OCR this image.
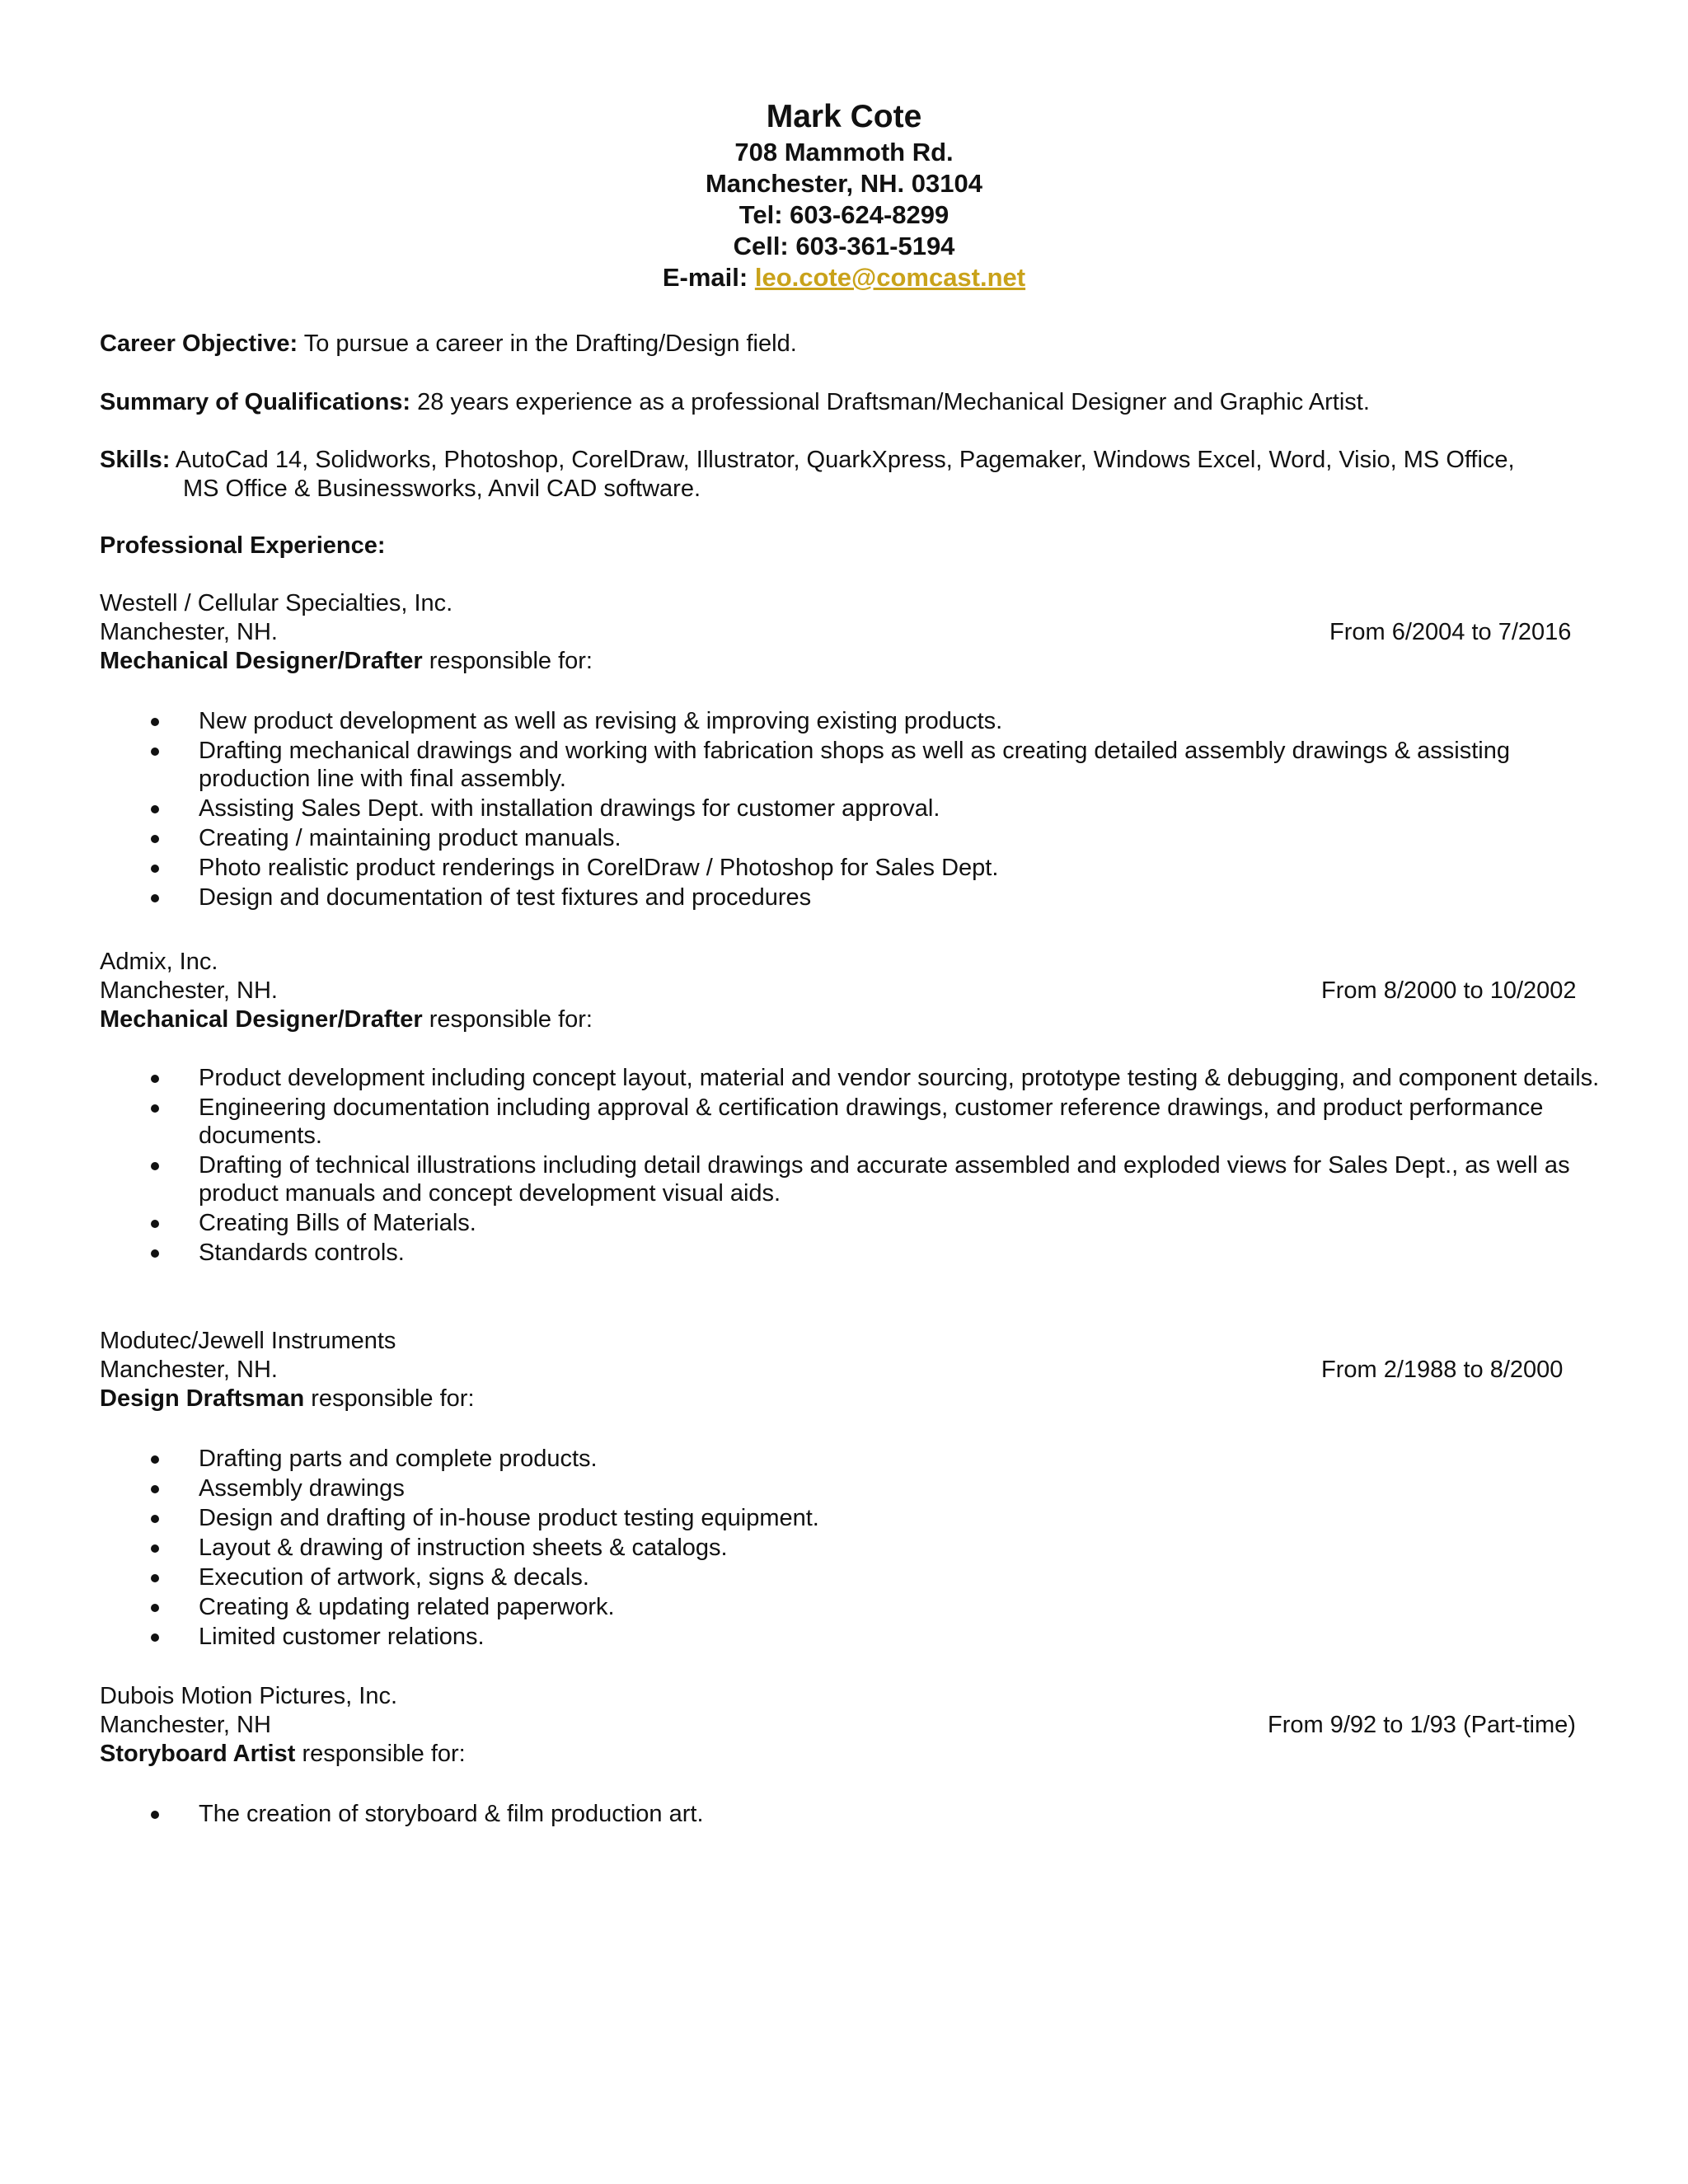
Mark Cote
708 Mammoth Rd.
Manchester, NH. 03104
Tel: 603-624-8299
Cell: 603-361-5194
E-mail: leo.cote@comcast.net
Career Objective: To pursue a career in the Drafting/Design field.
Summary of Qualifications: 28 years experience as a professional Draftsman/Mechanical Designer and Graphic Artist.
Skills: AutoCad 14, Solidworks, Photoshop, CorelDraw, Illustrator, QuarkXpress, Pagemaker, Windows Excel, Word, Visio, MS Office,
MS Office & Businessworks, Anvil CAD software.
Professional Experience:
Westell / Cellular Specialties, Inc.
Manchester, NH.	From 6/2004 to 7/2016
Mechanical Designer/Drafter responsible for:
New product development as well as revising & improving existing products.
Drafting mechanical drawings and working with fabrication shops as well as creating detailed assembly drawings & assisting production line with final assembly.
Assisting Sales Dept. with installation drawings for customer approval.
Creating / maintaining product manuals.
Photo realistic product renderings in CorelDraw / Photoshop for Sales Dept.
Design and documentation of test fixtures and procedures
Admix, Inc.
Manchester, NH.	From 8/2000 to 10/2002
Mechanical Designer/Drafter responsible for:
Product development including concept layout, material and vendor sourcing, prototype testing & debugging, and component details.
Engineering documentation including approval & certification drawings, customer reference drawings, and product performance documents.
Drafting of technical illustrations including detail drawings and accurate assembled and exploded views for Sales Dept., as well as product manuals and concept development visual aids.
Creating Bills of Materials.
Standards controls.
Modutec/Jewell Instruments
Manchester, NH.	From 2/1988 to 8/2000
Design Draftsman responsible for:
Drafting parts and complete products.
Assembly drawings
Design and drafting of in-house product testing equipment.
Layout & drawing of instruction sheets & catalogs.
Execution of artwork, signs & decals.
Creating & updating related paperwork.
Limited customer relations.
Dubois Motion Pictures, Inc.
Manchester, NH	From 9/92 to 1/93 (Part-time)
Storyboard Artist responsible for:
The creation of storyboard & film production art.
